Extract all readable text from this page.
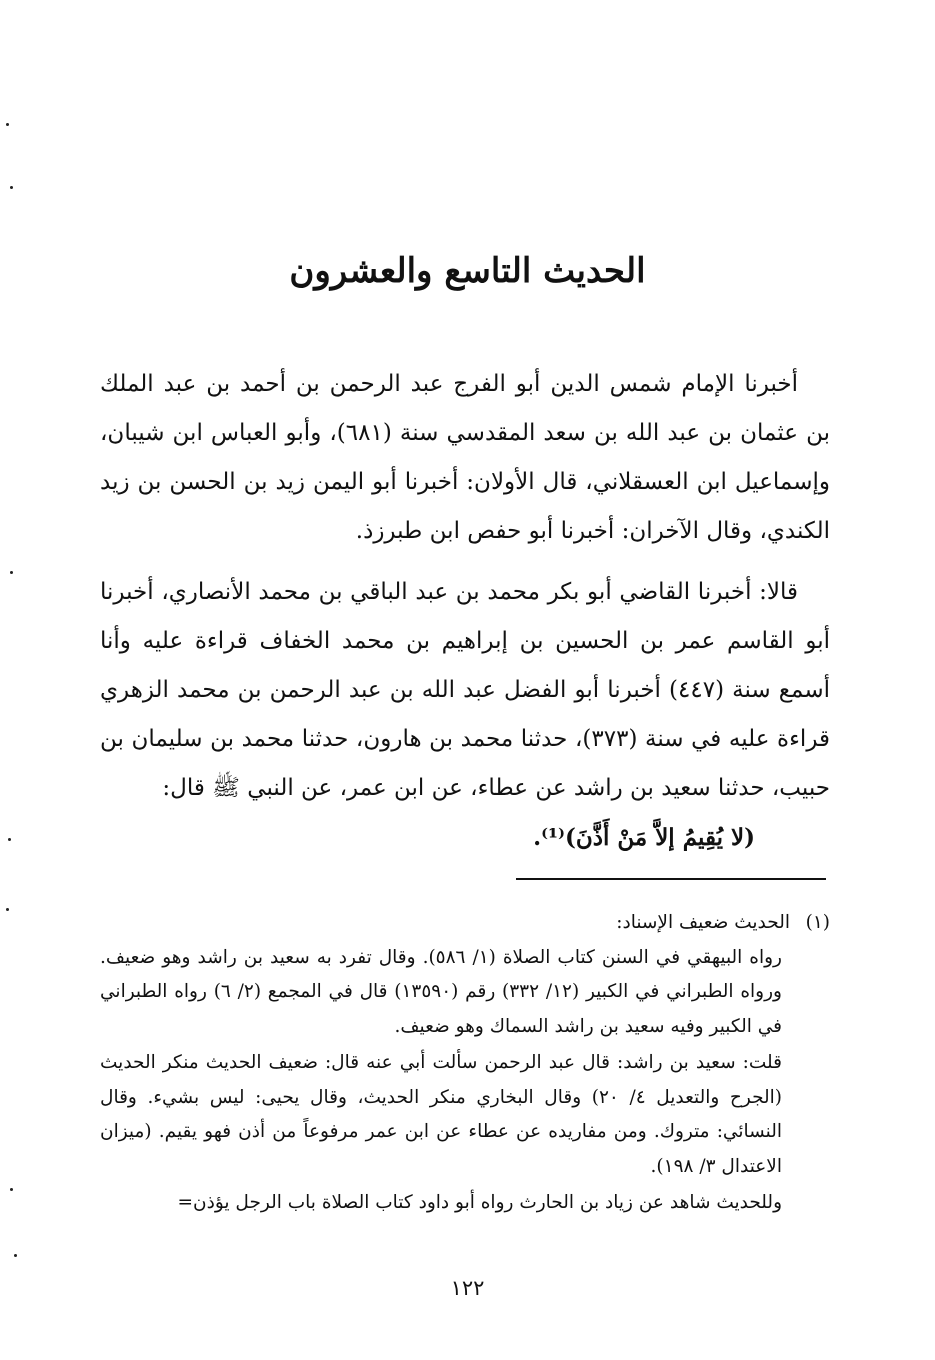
الحديث التاسع والعشرون

أخبرنا الإمام شمس الدين أبو الفرج عبد الرحمن بن أحمد بن عبد الملك بن عثمان بن عبد الله بن سعد المقدسي سنة (٦٨١)، وأبو العباس ابن شيبان، وإسماعيل ابن العسقلاني، قال الأولان: أخبرنا أبو اليمن زيد بن الحسن بن زيد الكندي، وقال الآخران: أخبرنا أبو حفص ابن طبرزذ.

قالا: أخبرنا القاضي أبو بكر محمد بن عبد الباقي بن محمد الأنصاري، أخبرنا أبو القاسم عمر بن الحسين بن إبراهيم بن محمد الخفاف قراءة عليه وأنا أسمع سنة (٤٤٧) أخبرنا أبو الفضل عبد الله بن عبد الرحمن بن محمد الزهري قراءة عليه في سنة (٣٧٣)، حدثنا محمد بن هارون، حدثنا محمد بن سليمان بن حبيب، حدثنا سعيد بن راشد عن عطاء، عن ابن عمر، عن النبي ﷺ قال:

(لا يُقِيمُ إلاَّ مَنْ أَذَّنَ)⁽¹⁾.

(١)الحديث ضعيف الإسناد:

رواه البيهقي في السنن كتاب الصلاة (١/ ٥٨٦). وقال تفرد به سعيد بن راشد وهو ضعيف. ورواه الطبراني في الكبير (١٢/ ٣٣٢) رقم (١٣٥٩٠) قال في المجمع (٢/ ٦) رواه الطبراني في الكبير وفيه سعيد بن راشد السماك وهو ضعيف.

قلت: سعيد بن راشد: قال عبد الرحمن سألت أبي عنه قال: ضعيف الحديث منكر الحديث (الجرح والتعديل ٤/ ٢٠) وقال البخاري منكر الحديث، وقال يحيى: ليس بشيء. وقال النسائي: متروك. ومن مفاريده عن عطاء عن ابن عمر مرفوعاً من أذن فهو يقيم. (ميزان الاعتدال ٣/ ١٩٨).

وللحديث شاهد عن زياد بن الحارث رواه أبو داود كتاب الصلاة باب الرجل يؤذن=

١٢٢
